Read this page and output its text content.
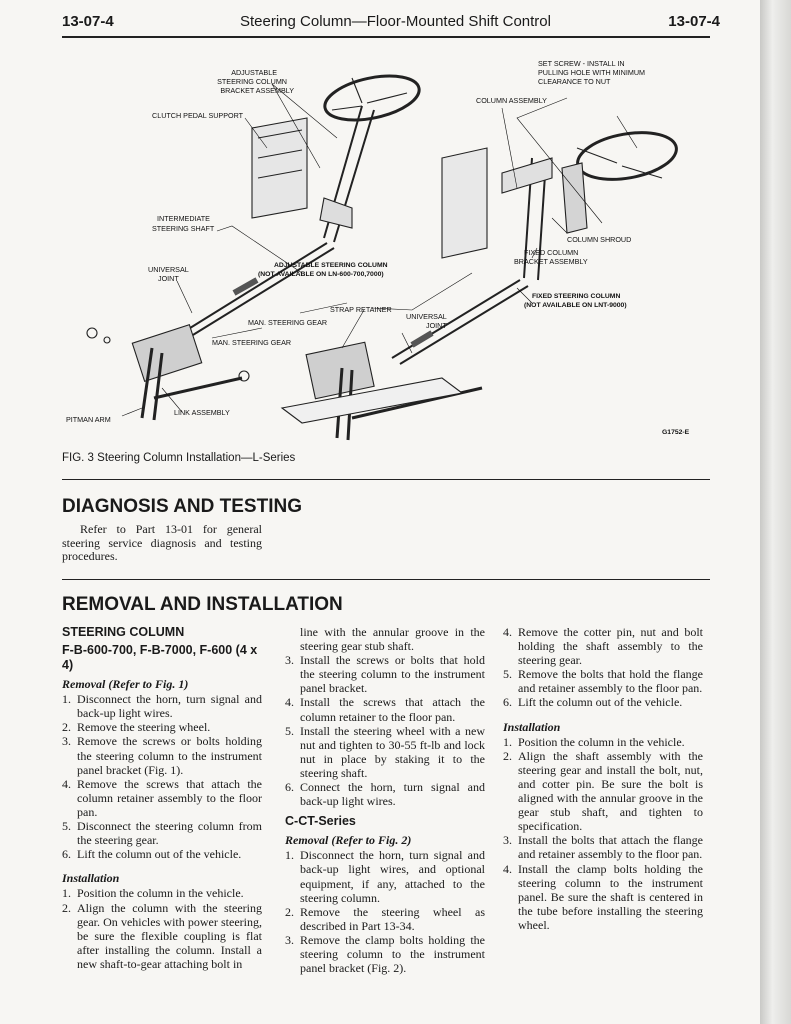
13-07-4	Steering Column—Floor-Mounted Shift Control	13-07-4
ADJUSTABLE
STEERING COLUMN
BRACKET ASSEMBLY
CLUTCH PEDAL SUPPORT
INTERMEDIATE
STEERING SHAFT
UNIVERSAL
JOINT
ADJUSTABLE STEERING COLUMN
(NOT AVAILABLE ON LN-600-700,7000)
STRAP RETAINER
MAN. STEERING GEAR
MAN. STEERING GEAR
PITMAN ARM
LINK ASSEMBLY
SET SCREW - INSTALL IN
PULLING HOLE WITH MINIMUM
CLEARANCE TO NUT
COLUMN ASSEMBLY
COLUMN SHROUD
FIXED COLUMN
BRACKET ASSEMBLY
FIXED STEERING COLUMN
(NOT AVAILABLE ON LNT-9000)
UNIVERSAL
JOINT
G1752-E
FIG. 3 Steering Column Installation—L-Series
DIAGNOSIS AND TESTING
Refer to Part 13-01 for general steering service diagnosis and testing procedures.
REMOVAL AND INSTALLATION
STEERING COLUMN
F-B-600-700, F-B-7000, F-600 (4 x 4)
Removal (Refer to Fig. 1)
1. Disconnect the horn, turn signal and back-up light wires.
2. Remove the steering wheel.
3. Remove the screws or bolts holding the steering column to the instrument panel bracket (Fig. 1).
4. Remove the screws that attach the column retainer assembly to the floor pan.
5. Disconnect the steering column from the steering gear.
6. Lift the column out of the vehicle.
Installation
1. Position the column in the vehicle.
2. Align the column with the steering gear. On vehicles with power steering, be sure the flexible coupling is flat after installing the column. Install a new shaft-to-gear attaching bolt in
line with the annular groove in the steering gear stub shaft.
3. Install the screws or bolts that hold the steering column to the instrument panel bracket.
4. Install the screws that attach the column retainer to the floor pan.
5. Install the steering wheel with a new nut and tighten to 30-55 ft-lb and lock nut in place by staking it to the steering shaft.
6. Connect the horn, turn signal and back-up light wires.
C-CT-Series
Removal (Refer to Fig. 2)
1. Disconnect the horn, turn signal and back-up light wires, and optional equipment, if any, attached to the steering column.
2. Remove the steering wheel as described in Part 13-34.
3. Remove the clamp bolts holding the steering column to the instrument panel bracket (Fig. 2).
4. Remove the cotter pin, nut and bolt holding the shaft assembly to the steering gear.
5. Remove the bolts that hold the flange and retainer assembly to the floor pan.
6. Lift the column out of the vehicle.
Installation
1. Position the column in the vehicle.
2. Align the shaft assembly with the steering gear and install the bolt, nut, and cotter pin. Be sure the bolt is aligned with the annular groove in the gear stub shaft, and tighten to specification.
3. Install the bolts that attach the flange and retainer assembly to the floor pan.
4. Install the clamp bolts holding the steering column to the instrument panel. Be sure the shaft is centered in the tube before installing the steering wheel.
